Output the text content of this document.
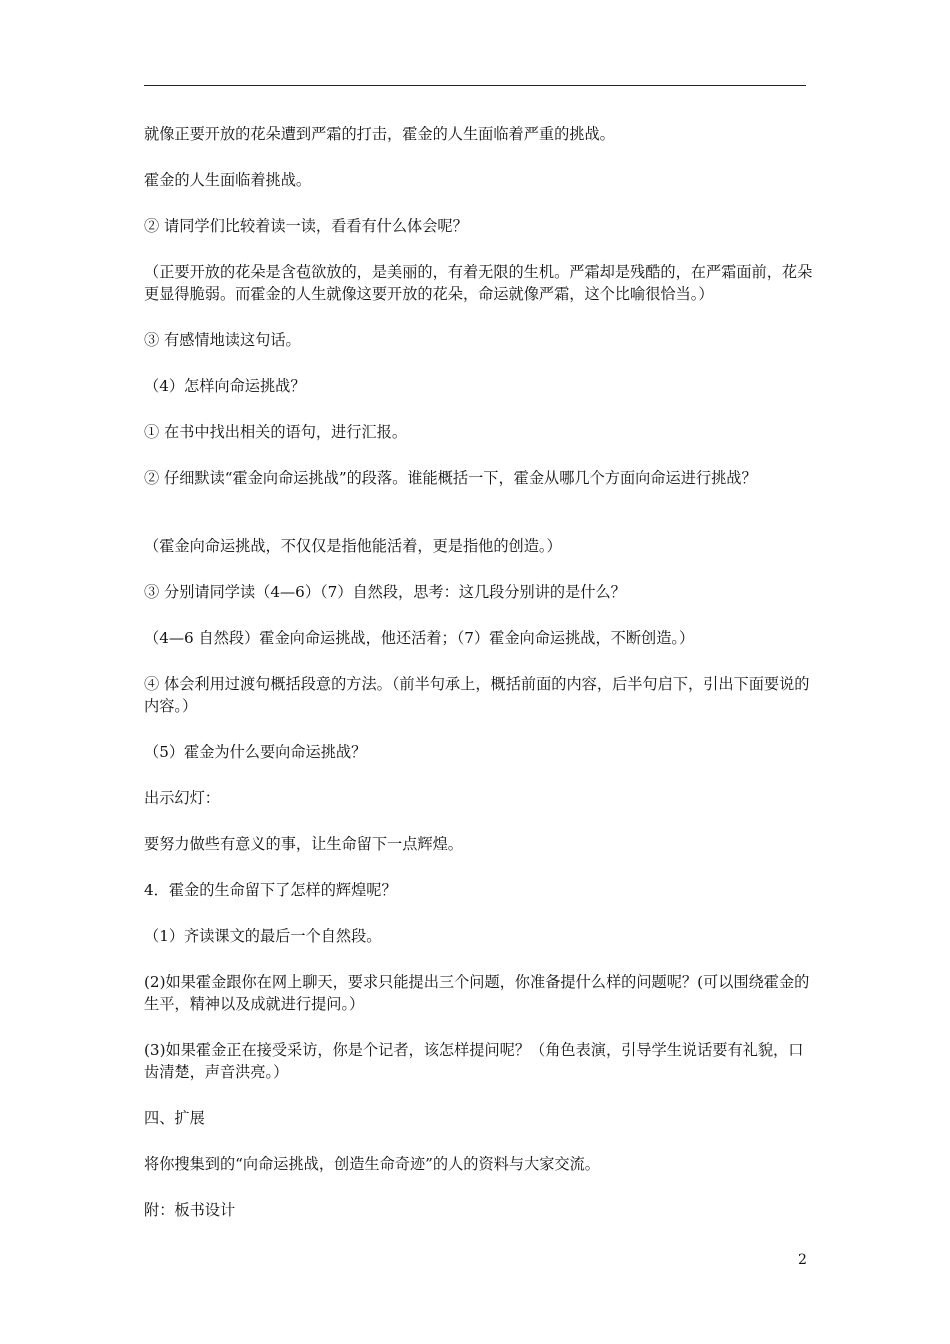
就像正要开放的花朵遭到严霜的打击，霍金的人生面临着严重的挑战。

霍金的人生面临着挑战。

② 请同学们比较着读一读，看看有什么体会呢？

（正要开放的花朵是含苞欲放的，是美丽的，有着无限的生机。严霜却是残酷的，在严霜面前，花朵更显得脆弱。而霍金的人生就像这要开放的花朵，命运就像严霜，这个比喻很恰当。）

③ 有感情地读这句话。

（4）怎样向命运挑战？

① 在书中找出相关的语句，进行汇报。

② 仔细默读“霍金向命运挑战”的段落。谁能概括一下，霍金从哪几个方面向命运进行挑战？

（霍金向命运挑战，不仅仅是指他能活着，更是指他的创造。）

③ 分别请同学读（4—6）（7）自然段，思考：这几段分别讲的是什么？

（4—6 自然段）霍金向命运挑战，他还活着；（7）霍金向命运挑战，不断创造。）

④ 体会利用过渡句概括段意的方法。（前半句承上，概括前面的内容，后半句启下，引出下面要说的内容。）

（5）霍金为什么要向命运挑战？

出示幻灯：

要努力做些有意义的事，让生命留下一点辉煌。

4．霍金的生命留下了怎样的辉煌呢？

（1）齐读课文的最后一个自然段。

(2)如果霍金跟你在网上聊天，要求只能提出三个问题，你准备提什么样的问题呢？(可以围绕霍金的生平，精神以及成就进行提问。）

(3)如果霍金正在接受采访，你是个记者，该怎样提问呢？（角色表演，引导学生说话要有礼貌，口齿清楚，声音洪亮。）

四、扩展

将你搜集到的“向命运挑战，创造生命奇迹”的人的资料与大家交流。

附：板书设计

2
